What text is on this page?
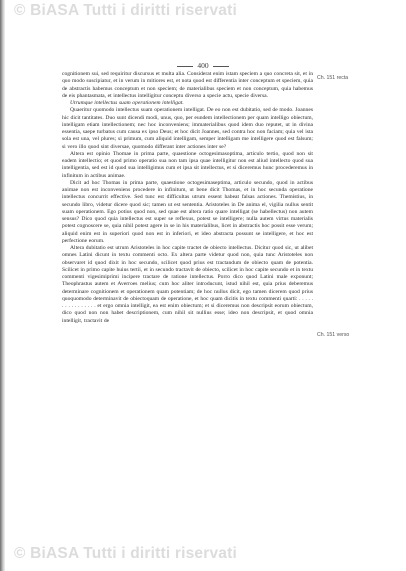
© BiASA Tutti i diritti riservati
400
Ch. 151 recta
Ch. 151 verso

cognitionem sui, sed requiritur discursus et multa alia. Considerat enim istam speciem a quo concreta sit, et in quo modo suscipiatur, et in verum in mitiores est, et nota quod est differentia inter conceptum et speciem, quia de abstractis habemus conceptum et non speciem; de materialibus speciem et non conceptum, quia habemus de eis phantasmata, et intellectus intelligitur conceptu diverso a specie actu, specie diversa.

Utrumque intellectus suam operationem intelligat.

Quaeritur quomodo intellectus suam operationem intelligat. De eo non est dubitatio, sed de modo. Joannes hic dicit tantitates. Duo sunt dicendi modi, unus, quo, per eundem intellectionem per quam intelligo obiectum, intelligam etiam intellectionem; nec hoc inconveniens; immaterialibus quod idem duo reputet, ut in divina essentia, saepe turbatus cum causa ex ipso Deus; et hoc dicit Joannes, sed contra hoc non faciam; quia vel ista sola est una, vel plures; si primum, cum aliquid intelligam, semper intelligam me intelligere quod est falsum; si vero illo quod sint diversae, quomodo differant inter actiones inter se?

Altera est opinio Thomae in prima parte, quaestione octogesimasoptima, articulo tertio, quod non sit eadem intellectio; et quod primo operatio sua non tam ipsa quae intelligitur non est aliud intellecto quod sua intelligentia, sed est id quod sua intelligimus cum et ipsa sit intellectus, et si diceremus hunc procederemus in infinitum in actibus animae.

Dicit ad hoc Thomas in prima parte, quaestione octogesimaseptima, articulo secundo, quod in actibus animae non est inconveniens procedere in infinitum, ut bene dicit Thomas, et in hoc secunda operatione intellectus concurrit effective. Sed tunc est difficultas utrum essent habeat falsas actiones. Themistius, in secundo libro, videtur dicere quod sic; tamen ut est sententia. Aristoteles in De anima el, vigilia nullus sentit suam operationem. Ego potius quod non, sed quae est altera ratio quare intelligat (se habellectus) non autem sensus? Dico quod quia intellectus est super se reflexus, potest se intelligere; nulla autem virtus materialis potest cognoscere se, quia nihil potest agere in se in his materialibus, licet in abstractis hoc possit esse verum; aliquid enim est in superiori quod non est in inferiori, et ideo abstracta possunt se intelligere, et hoc est perfectione eorum.

Altera dubitatio est utrum Aristoteles in hoc capite tractet de obiecto intellectus. Dicitur quod sic, ut alibet omnes Latini dicunt in textu commenti octo. Ex altera parte videtur quod non, quia tunc Aristoteles non observaret id quod dixit in hoc secundo, scilicet quod prius est tractandum de obiecto quam de potentia. Scilicet in primo capite huius tertii, et in secundo tractavit de obiecto, scilicet in hoc capite secundo et in textu commenti vigesimiprimi incipere tractare de ratione intellectus. Porro dico quod Latini male exponunt; Theophrastus autem et Averroes melius; cum hoc aliter introducunt, istud nihil est, quia prius deberemus determinare cognitionem et operationem quam potentiam; de hoc nullus dicit, ego tamen dicerem quod prius quoquomodo determinavit de obiectoquam de operatione, et hoc quam dicitis in textu commenti quarti: . . . . . . . . . . . . . . . . et ergo omnia intelligit, ea est enim obiectum; et si diceremus non descripsit eorum obiectum, dico quod non non habet descriptionem, cum nihil sit nullius esse; ideo non descripsit, et quod omnia intelligit, tractavit de

© BiASA Tutti i diritti riservati
